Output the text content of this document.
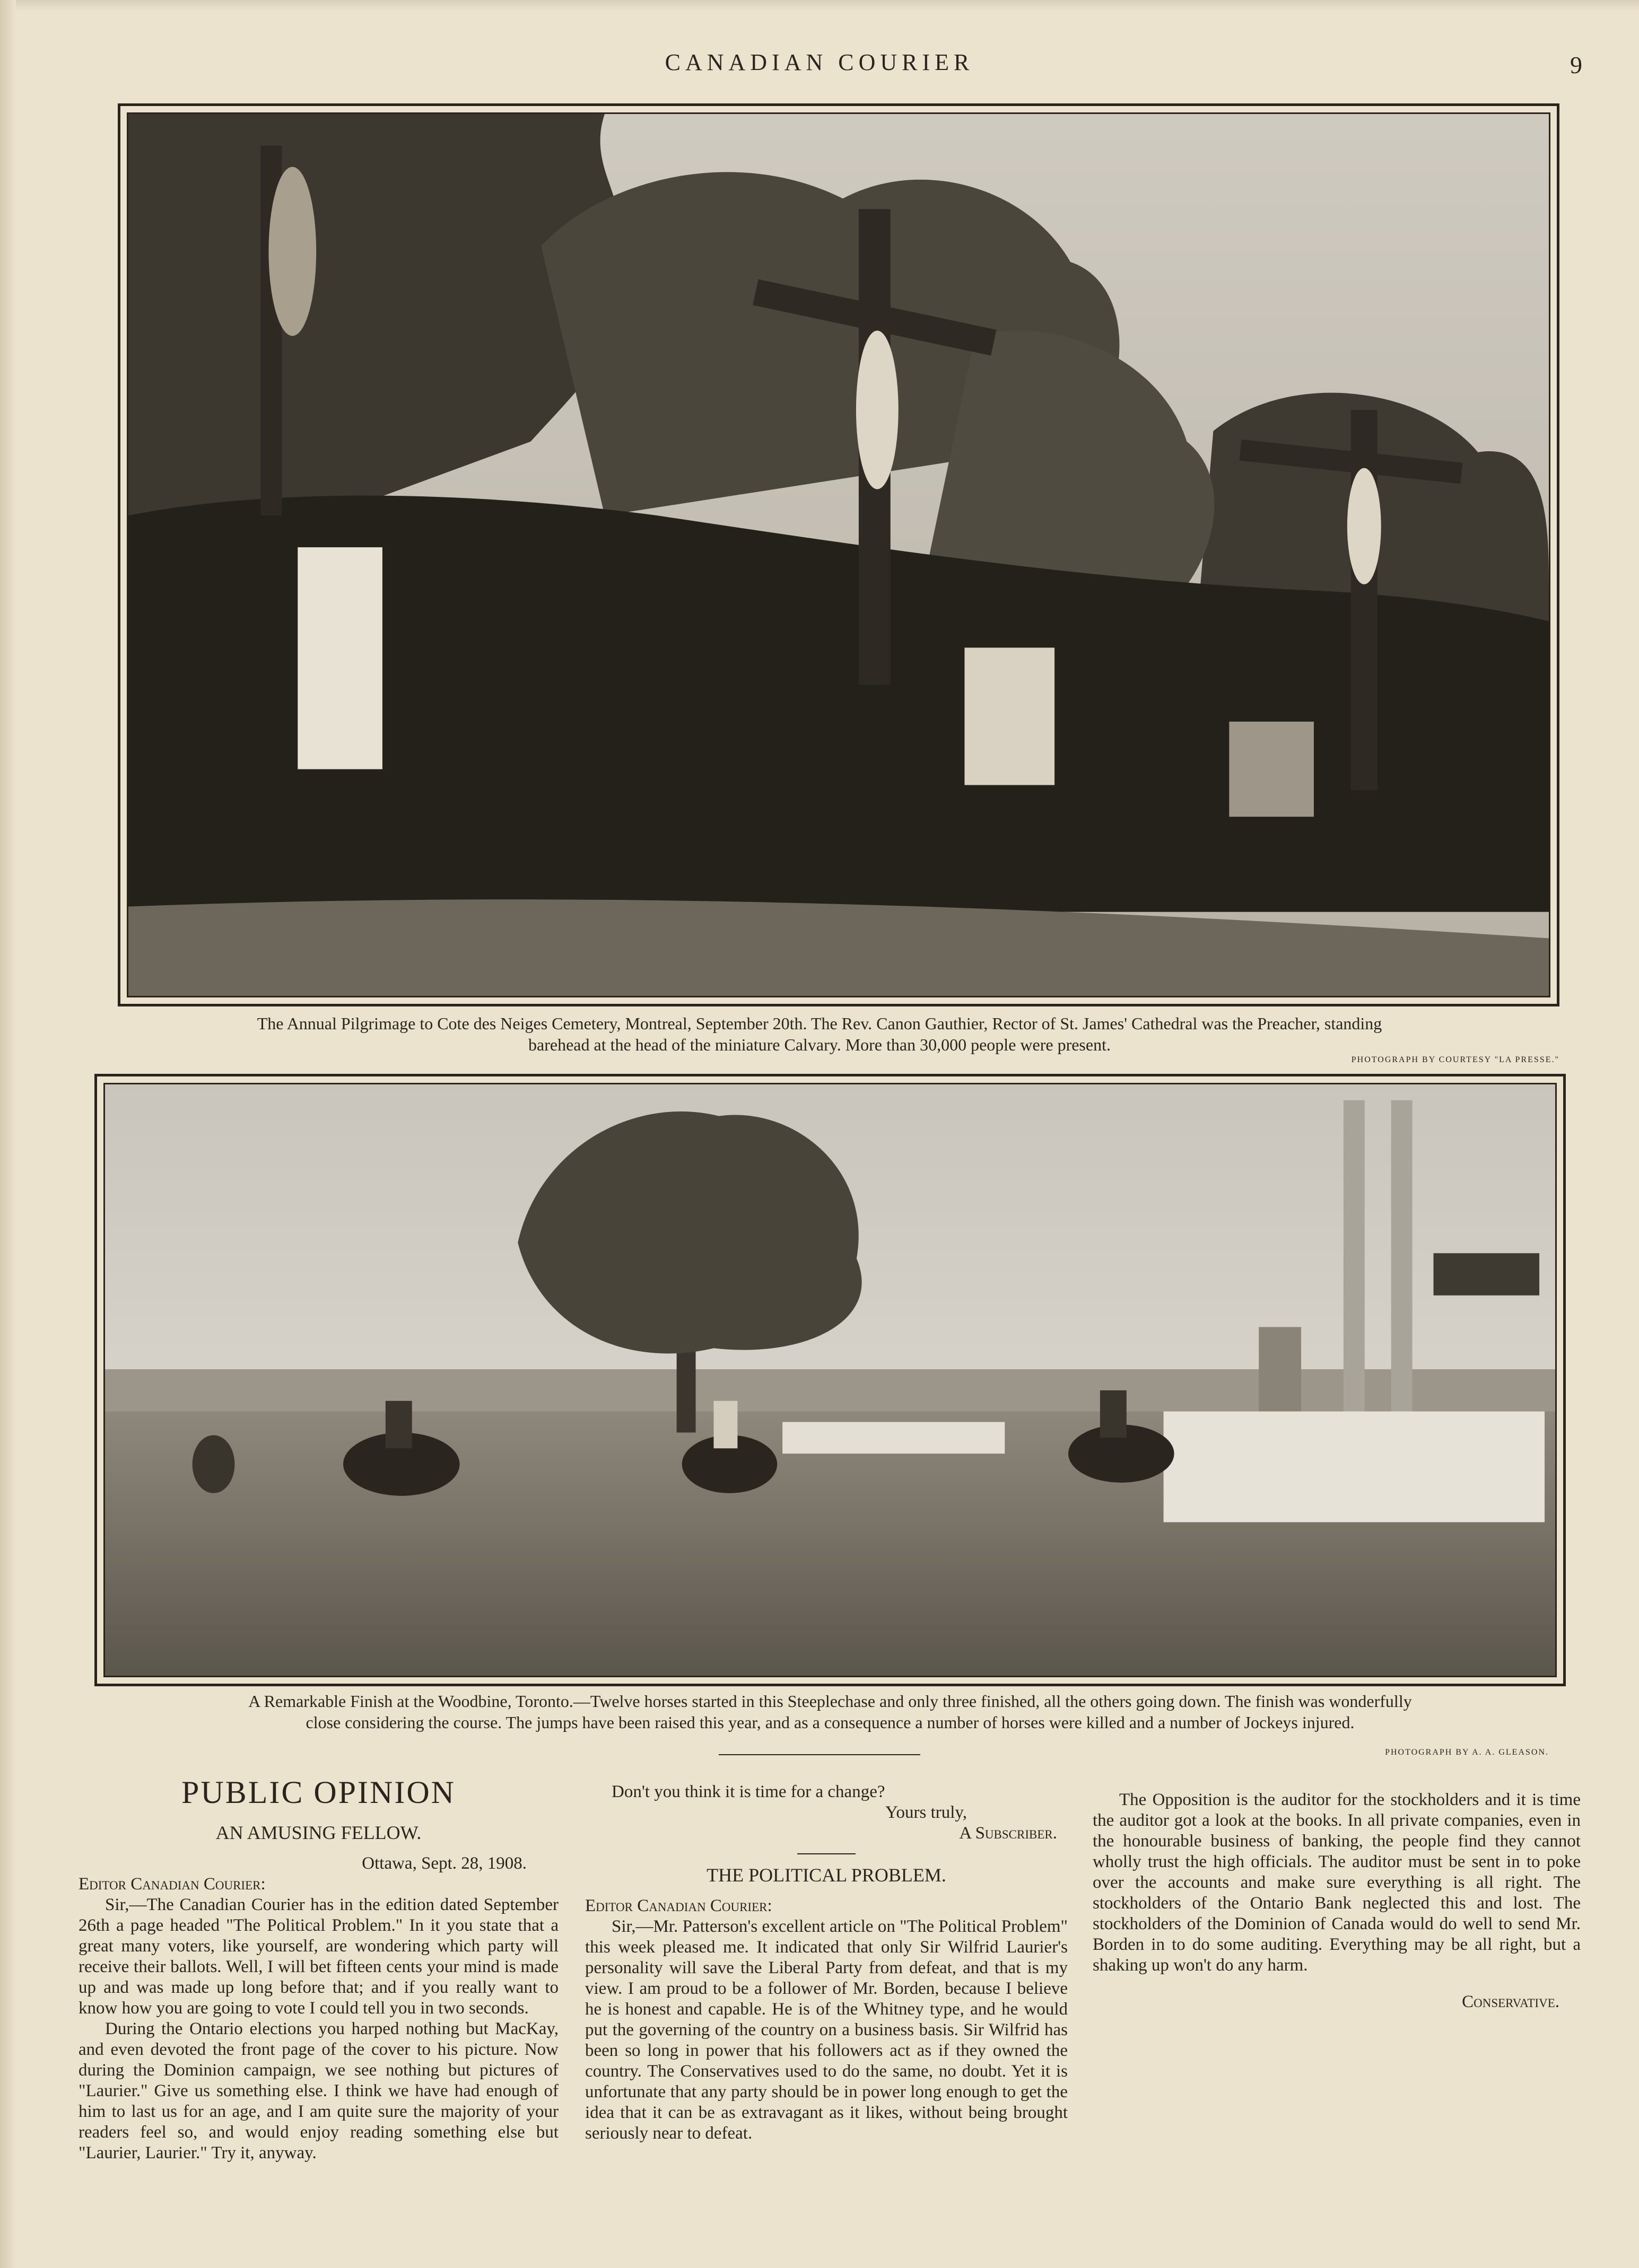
CANADIAN COURIER	9
The Annual Pilgrimage to Cote des Neiges Cemetery, Montreal, September 20th. The Rev. Canon Gauthier, Rector of St. James' Cathedral was the Preacher, standing
barehead at the head of the miniature Calvary. More than 30,000 people were present.
PHOTOGRAPH BY COURTESY "LA PRESSE."
A Remarkable Finish at the Woodbine, Toronto.—Twelve horses started in this Steeplechase and only three finished, all the others going down. The finish was wonderfully
close considering the course. The jumps have been raised this year, and as a consequence a number of horses were killed and a number of Jockeys injured.
PHOTOGRAPH BY A. A. GLEASON.
PUBLIC OPINION
AN AMUSING FELLOW.
Ottawa, Sept. 28, 1908.
Editor Canadian Courier:

Sir,—The Canadian Courier has in the edition dated September 26th a page headed "The Political Problem." In it you state that a great many voters, like yourself, are wondering which party will receive their ballots. Well, I will bet fifteen cents your mind is made up and was made up long before that; and if you really want to know how you are going to vote I could tell you in two seconds.

During the Ontario elections you harped nothing but MacKay, and even devoted the front page of the cover to his picture. Now during the Dominion campaign, we see nothing but pictures of "Laurier." Give us something else. I think we have had enough of him to last us for an age, and I am quite sure the majority of your readers feel so, and would enjoy reading something else but "Laurier, Laurier." Try it, anyway.

Don't you think it is time for a change?

Yours truly,
A Subscriber.
THE POLITICAL PROBLEM.
Editor Canadian Courier:

Sir,—Mr. Patterson's excellent article on "The Political Problem" this week pleased me. It indicated that only Sir Wilfrid Laurier's personality will save the Liberal Party from defeat, and that is my view. I am proud to be a follower of Mr. Borden, because I believe he is honest and capable. He is of the Whitney type, and he would put the governing of the country on a business basis. Sir Wilfrid has been so long in power that his followers act as if they owned the country. The Conservatives used to do the same, no doubt. Yet it is unfortunate that any party should be in power long enough to get the idea that it can be as extravagant as it likes, without being brought seriously near to defeat.

The Opposition is the auditor for the stockholders and it is time the auditor got a look at the books. In all private companies, even in the honourable business of banking, the people find they cannot wholly trust the high officials. The auditor must be sent in to poke over the accounts and make sure everything is all right. The stockholders of the Ontario Bank neglected this and lost. The stockholders of the Dominion of Canada would do well to send Mr. Borden in to do some auditing. Everything may be all right, but a shaking up won't do any harm.

Conservative.
